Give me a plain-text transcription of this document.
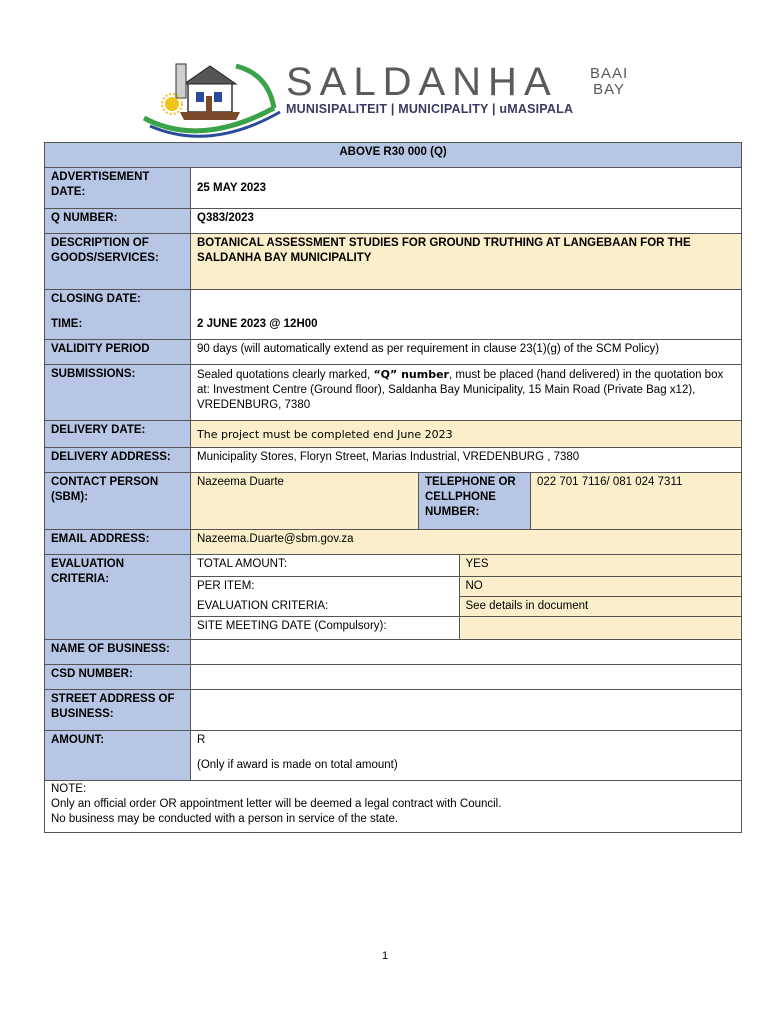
SALDANHA BAAI
BAY
MUNISIPALITEIT | MUNICIPALITY | uMASIPALA
ABOVE R30 000 (Q)
ADVERTISEMENT DATE:	25 MAY 2023
Q NUMBER:	Q383/2023
DESCRIPTION OF GOODS/SERVICES:	BOTANICAL ASSESSMENT STUDIES FOR GROUND TRUTHING AT LANGEBAAN FOR THE SALDANHA BAY MUNICIPALITY
CLOSING DATE:	
TIME:	2 JUNE 2023 @ 12H00
VALIDITY PERIOD	90 days (will automatically extend as per requirement in clause 23(1)(g) of the SCM Policy)
SUBMISSIONS:	Sealed quotations clearly marked, “Q” number, must be placed (hand delivered) in the quotation box at: Investment Centre (Ground floor), Saldanha Bay Municipality, 15 Main Road (Private Bag x12), VREDENBURG, 7380
DELIVERY DATE:	The project must be completed end June 2023
DELIVERY ADDRESS:	Municipality Stores, Floryn Street, Marias Industrial, VREDENBURG , 7380
CONTACT PERSON (SBM):	Nazeema Duarte	TELEPHONE OR CELLPHONE NUMBER:	022 701 7116/ 081 024 7311
EMAIL ADDRESS:	Nazeema.Duarte@sbm.gov.za
EVALUATION CRITERIA:	
TOTAL AMOUNT:	YES
PER ITEM:	NO
EVALUATION CRITERIA:	See details in document
SITE MEETING DATE (Compulsory):	

NAME OF BUSINESS:	
CSD NUMBER:	
STREET ADDRESS OF BUSINESS:	
AMOUNT:	R
(Only if award is made on total amount)

NOTE:
Only an official order OR appointment letter will be deemed a legal contract with Council.
No business may be conducted with a person in service of the state.
1
